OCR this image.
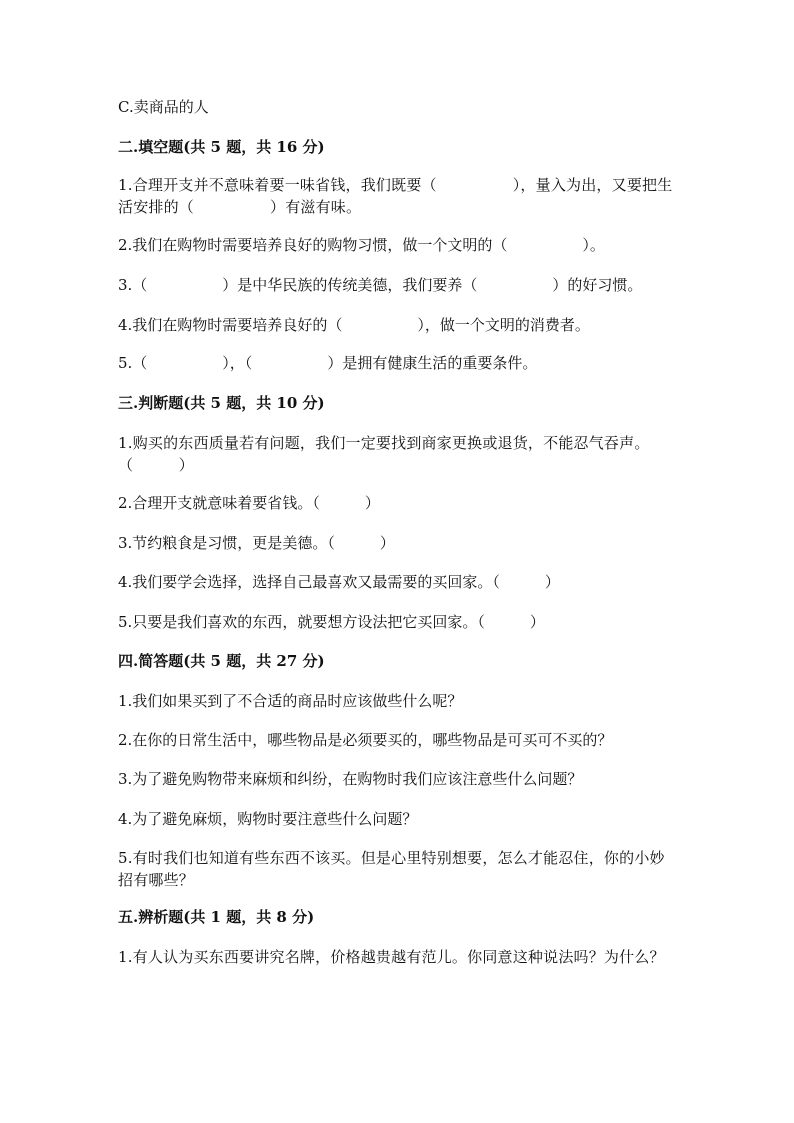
C.卖商品的人
二.填空题(共 5 题，共 16 分)
1.合理开支并不意味着要一味省钱，我们既要（　　　　　），量入为出，又要把生活安排的（　　　　　）有滋有味。
2.我们在购物时需要培养良好的购物习惯，做一个文明的（　　　　　）。
3.（　　　　　）是中华民族的传统美德，我们要养（　　　　　）的好习惯。
4.我们在购物时需要培养良好的（　　　　　），做一个文明的消费者。
5.（　　　　　），（　　　　　）是拥有健康生活的重要条件。
三.判断题(共 5 题，共 10 分)
1.购买的东西质量若有问题，我们一定要找到商家更换或退货，不能忍气吞声。（　　　）
2.合理开支就意味着要省钱。（　　　）
3.节约粮食是习惯，更是美德。（　　　）
4.我们要学会选择，选择自己最喜欢又最需要的买回家。（　　　）
5.只要是我们喜欢的东西，就要想方设法把它买回家。（　　　）
四.简答题(共 5 题，共 27 分)
1.我们如果买到了不合适的商品时应该做些什么呢？
2.在你的日常生活中，哪些物品是必须要买的，哪些物品是可买可不买的？
3.为了避免购物带来麻烦和纠纷，在购物时我们应该注意些什么问题？
4.为了避免麻烦，购物时要注意些什么问题？
5.有时我们也知道有些东西不该买。但是心里特别想要，怎么才能忍住，你的小妙招有哪些？
五.辨析题(共 1 题，共 8 分)
1.有人认为买东西要讲究名牌，价格越贵越有范儿。你同意这种说法吗？为什么？
